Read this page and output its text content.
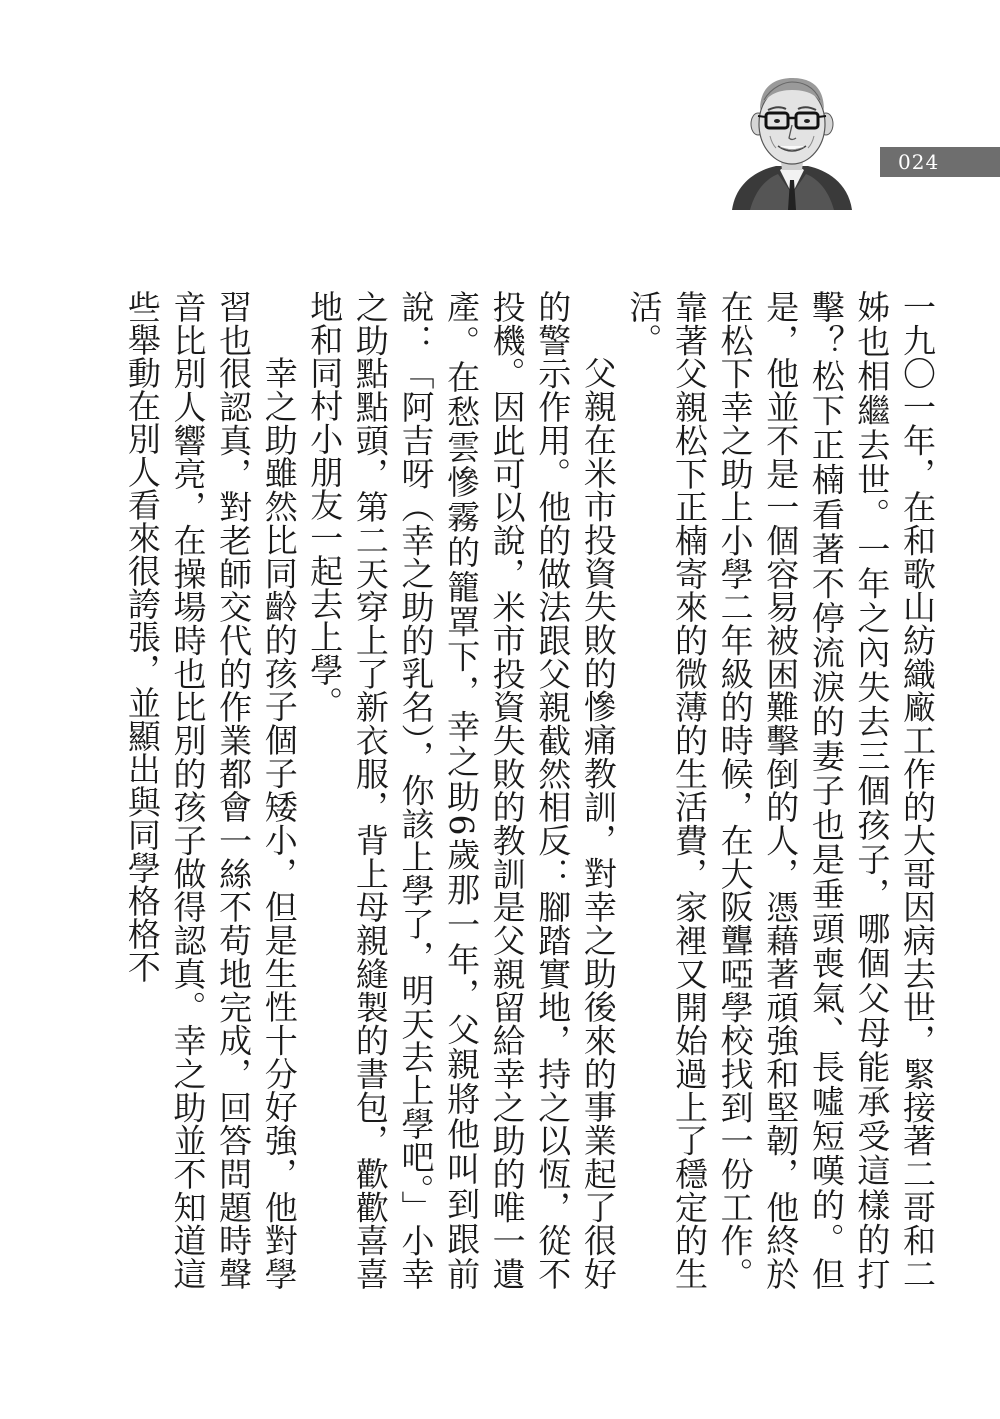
024

一九〇一年，在和歌山紡織廠工作的大哥因病去世，緊接著二哥和二姊也相繼去世。一年之內失去三個孩子，哪個父母能承受這樣的打擊？松下正楠看著不停流淚的妻子也是垂頭喪氣、長噓短嘆的。但是，他並不是一個容易被困難擊倒的人，憑藉著頑強和堅韌，他終於在松下幸之助上小學二年級的時候，在大阪聾啞學校找到一份工作。靠著父親松下正楠寄來的微薄的生活費，家裡又開始過上了穩定的生活。

父親在米市投資失敗的慘痛教訓，對幸之助後來的事業起了很好的警示作用。他的做法跟父親截然相反：腳踏實地，持之以恆，從不投機。因此可以說，米市投資失敗的教訓是父親留給幸之助的唯一遺產。在愁雲慘霧的籠罩下，幸之助6歲那一年，父親將他叫到跟前說：「阿吉呀（幸之助的乳名），你該上學了，明天去上學吧。」小幸之助點點頭，第二天穿上了新衣服，背上母親縫製的書包，歡歡喜喜地和同村小朋友一起去上學。

幸之助雖然比同齡的孩子個子矮小，但是生性十分好強，他對學習也很認真，對老師交代的作業都會一絲不苟地完成，回答問題時聲音比別人響亮，在操場時也比別的孩子做得認真。幸之助並不知道這些舉動在別人看來很誇張，並顯出與同學格格不
